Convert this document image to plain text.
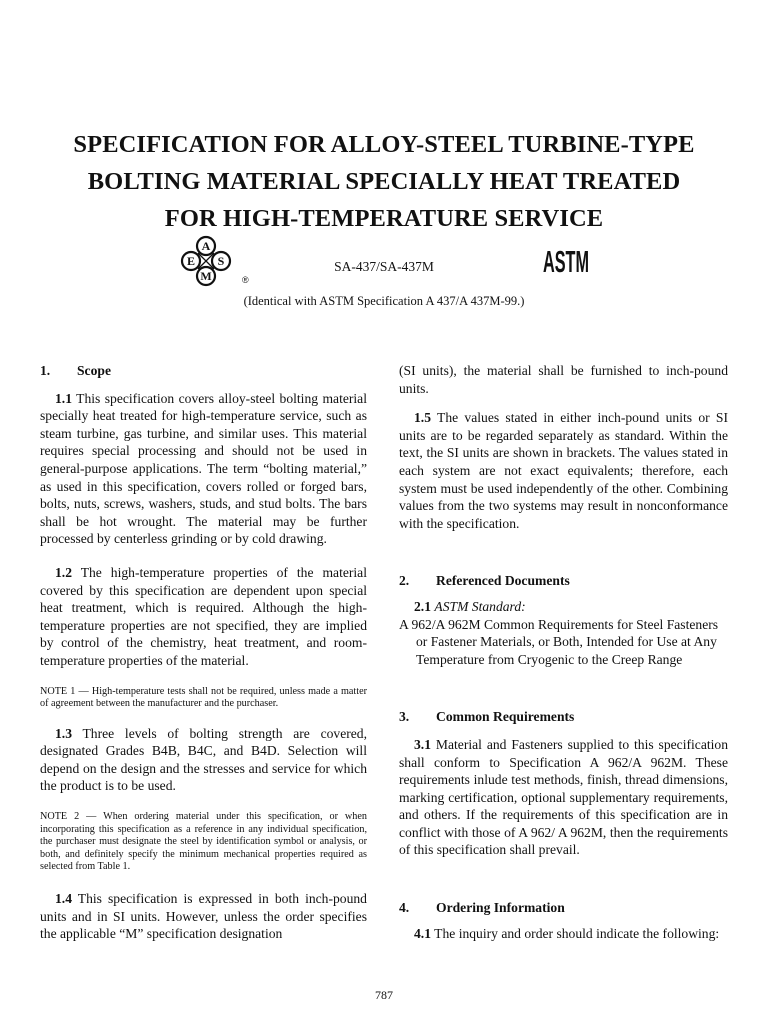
SPECIFICATION FOR ALLOY-STEEL TURBINE-TYPE
BOLTING MATERIAL SPECIALLY HEAT TREATED
FOR HIGH-TEMPERATURE SERVICE
A
E S
M	®
SA-437/SA-437M	ASTM
(Identical with ASTM Specification A 437/A 437M-99.)
1. Scope

1.1 This specification covers alloy-steel bolting material specially heat treated for high-temperature service, such as steam turbine, gas turbine, and similar uses. This material requires special processing and should not be used in general-purpose applications. The term “bolting material,” as used in this specification, covers rolled or forged bars, bolts, nuts, screws, washers, studs, and stud bolts. The bars shall be hot wrought. The material may be further processed by centerless grinding or by cold drawing.

1.2 The high-temperature properties of the material covered by this specification are dependent upon special heat treatment, which is required. Although the high-temperature properties are not specified, they are implied by control of the chemistry, heat treatment, and room-temperature properties of the material.

NOTE 1 — High-temperature tests shall not be required, unless made a matter of agreement between the manufacturer and the purchaser.

1.3 Three levels of bolting strength are covered, designated Grades B4B, B4C, and B4D. Selection will depend on the design and the stresses and service for which the product is to be used.

NOTE 2 — When ordering material under this specification, or when incorporating this specification as a reference in any individual specification, the purchaser must designate the steel by identification symbol or analysis, or both, and definitely specify the minimum mechanical properties required as selected from Table 1.

1.4 This specification is expressed in both inch-pound units and in SI units. However, unless the order specifies the applicable “M” specification designation

(SI units), the material shall be furnished to inch-pound units.

1.5 The values stated in either inch-pound units or SI units are to be regarded separately as standard. Within the text, the SI units are shown in brackets. The values stated in each system are not exact equivalents; therefore, each system must be used independently of the other. Combining values from the two systems may result in nonconformance with the specification.

2. Referenced Documents

2.1 ASTM Standard:

A 962/A 962M Common Requirements for Steel Fasteners or Fastener Materials, or Both, Intended for Use at Any Temperature from Cryogenic to the Creep Range

3. Common Requirements

3.1 Material and Fasteners supplied to this specification shall conform to Specification A 962/A 962M. These requirements inlude test methods, finish, thread dimensions, marking certification, optional supplementary requirements, and others. If the requirements of this specification are in conflict with those of A 962/ A 962M, then the requirements of this specification shall prevail.

4. Ordering Information

4.1 The inquiry and order should indicate the following:

787
